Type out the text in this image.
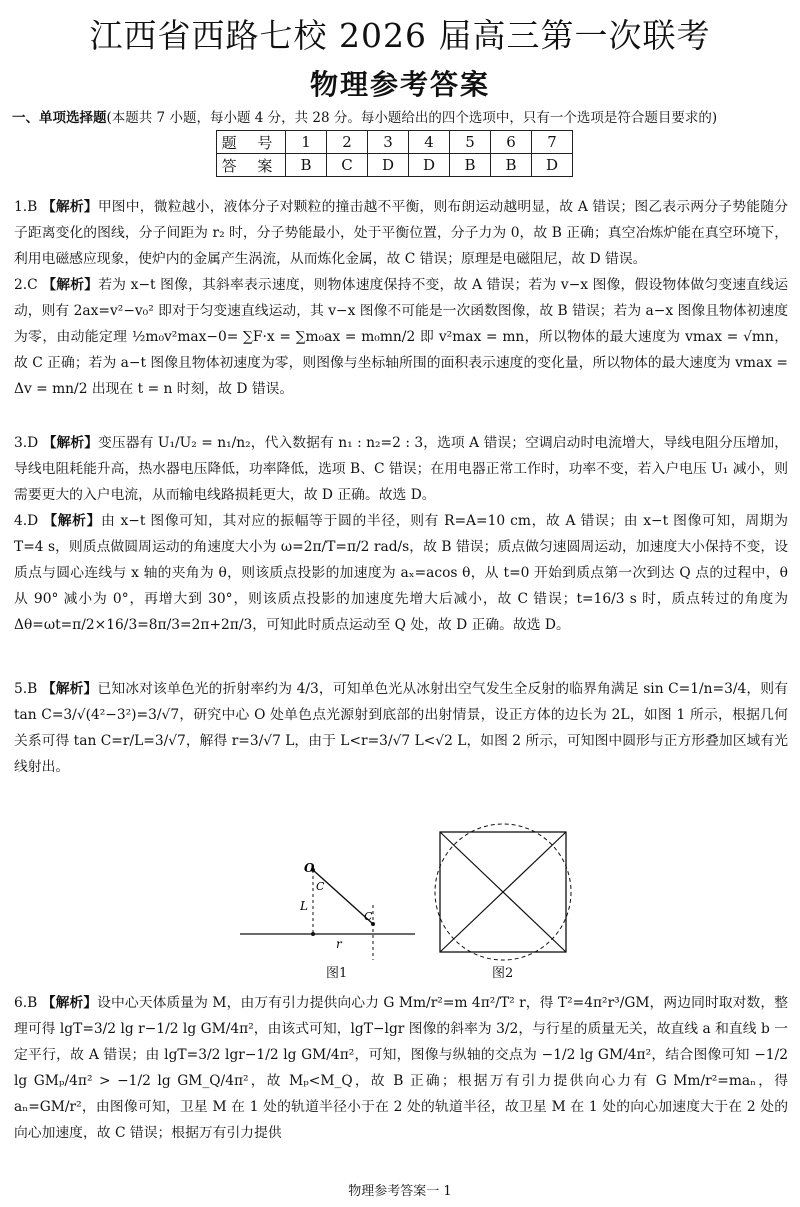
江西省西路七校 2026 届高三第一次联考
物理参考答案
一、单项选择题(本题共 7 小题，每小题 4 分，共 28 分。每小题给出的四个选项中，只有一个选项是符合题目要求的)
题 号	1	2	3	4	5	6	7
答 案	B	C	D	D	B	B	D
1.B 【解析】甲图中，微粒越小，液体分子对颗粒的撞击越不平衡，则布朗运动越明显，故 A 错误；图乙表示两分子势能随分子距离变化的图线，分子间距为 r₂ 时，分子势能最小，处于平衡位置，分子力为 0，故 B 正确；真空冶炼炉能在真空环境下，利用电磁感应现象，使炉内的金属产生涡流，从而炼化金属，故 C 错误；原理是电磁阻尼，故 D 错误。
2.C 【解析】若为 x−t 图像，其斜率表示速度，则物体速度保持不变，故 A 错误；若为 v−x 图像，假设物体做匀变速直线运动，则有 2ax=v²−v₀² 即对于匀变速直线运动，其 v−x 图像不可能是一次函数图像，故 B 错误；若为 a−x 图像且物体初速度为零，由动能定理 ½m₀v²max−0= ∑F·x = ∑m₀ax = m₀mn/2 即 v²max = mn，所以物体的最大速度为 vmax = √mn，故 C 正确；若为 a−t 图像且物体初速度为零，则图像与坐标轴所围的面积表示速度的变化量，所以物体的最大速度为 vmax = Δv = mn/2 出现在 t = n 时刻，故 D 错误。
3.D 【解析】变压器有 U₁/U₂ = n₁/n₂，代入数据有 n₁ : n₂=2 : 3，选项 A 错误；空调启动时电流增大，导线电阻分压增加，导线电阻耗能升高，热水器电压降低，功率降低，选项 B、C 错误；在用电器正常工作时，功率不变，若入户电压 U₁ 减小，则需要更大的入户电流，从而输电线路损耗更大，故 D 正确。故选 D。
4.D 【解析】由 x−t 图像可知，其对应的振幅等于圆的半径，则有 R=A=10 cm，故 A 错误；由 x−t 图像可知，周期为 T=4 s，则质点做圆周运动的角速度大小为 ω=2π/T=π/2 rad/s，故 B 错误；质点做匀速圆周运动，加速度大小保持不变，设质点与圆心连线与 x 轴的夹角为 θ，则该质点投影的加速度为 aₓ=acos θ，从 t=0 开始到质点第一次到达 Q 点的过程中，θ 从 90° 减小为 0°，再增大到 30°，则该质点投影的加速度先增大后减小，故 C 错误；t=16/3 s 时，质点转过的角度为 Δθ=ωt=π/2×16/3=8π/3=2π+2π/3，可知此时质点运动至 Q 处，故 D 正确。故选 D。
5.B 【解析】已知冰对该单色光的折射率约为 4/3，可知单色光从冰射出空气发生全反射的临界角满足 sin C=1/n=3/4，则有 tan C=3/√(4²−3²)=3/√7，研究中心 O 处单色点光源射到底部的出射情景，设正方体的边长为 2L，如图 1 所示，根据几何关系可得 tan C=r/L=3/√7，解得 r=3/√7 L，由于 L<r=3/√7 L<√2 L，如图 2 所示，可知图中圆形与正方形叠加区域有光线射出。
O
C
C
L
r
图1	图2
6.B 【解析】设中心天体质量为 M，由万有引力提供向心力 G Mm/r²=m 4π²/T² r，得 T²=4π²r³/GM，两边同时取对数，整理可得 lgT=3/2 lg r−1/2 lg GM/4π²，由该式可知，lgT−lgr 图像的斜率为 3/2，与行星的质量无关，故直线 a 和直线 b 一定平行，故 A 错误；由 lgT=3/2 lgr−1/2 lg GM/4π²，可知，图像与纵轴的交点为 −1/2 lg GM/4π²，结合图像可知 −1/2 lg GMₚ/4π² > −1/2 lg GM_Q/4π²，故 Mₚ<M_Q，故 B 正确；根据万有引力提供向心力有 G Mm/r²=maₙ，得 aₙ=GM/r²，由图像可知，卫星 M 在 1 处的轨道半径小于在 2 处的轨道半径，故卫星 M 在 1 处的向心加速度大于在 2 处的向心加速度，故 C 错误；根据万有引力提供
物理参考答案一 1
